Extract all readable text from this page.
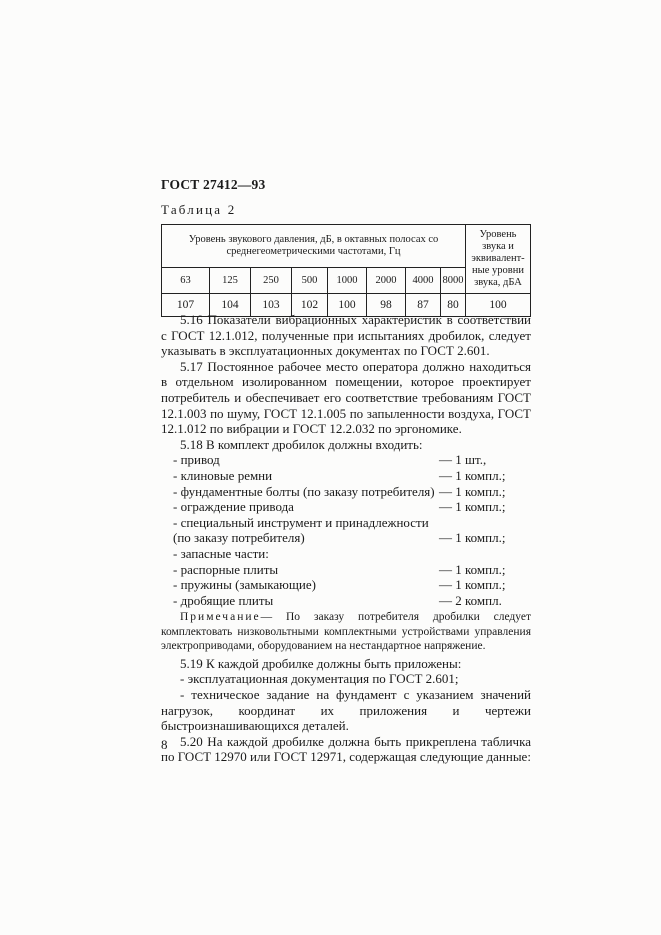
ГОСТ 27412—93
Таблица 2
Уровень звукового давления, дБ, в октавных полосах со среднегеометрическими частотами, Гц								Уровень звука и эквивалент-ные уровни звука, дБА
63	125	250	500	1000	2000	4000	8000	
107	104	103	102	100	98	87	80	100

5.16 Показатели вибрационных характеристик в соответствии с ГОСТ 12.1.012, полученные при испытаниях дробилок, следует указывать в эксплуатационных документах по ГОСТ 2.601.

5.17 Постоянное рабочее место оператора должно находиться в отдельном изолированном помещении, которое проектирует потребитель и обеспечивает его соответствие требованиям ГОСТ 12.1.003 по шуму, ГОСТ 12.1.005 по запыленности воздуха, ГОСТ 12.1.012 по вибрации и ГОСТ 12.2.032 по эргономике.

5.18 В комплект дробилок должны входить:

- привод	— 1 шт.,
- клиновые ремни	— 1 компл.;
- фундаментные болты (по заказу потребителя) — 1 компл.;
- ограждение привода	— 1 компл.;
- специальный инструмент и принадлежности
(по заказу потребителя)	— 1 компл.;
- запасные части:
- распорные плиты	— 1 компл.;
- пружины (замыкающие)	— 1 компл.;
- дробящие плиты	— 2 компл.

Примечание— По заказу потребителя дробилки следует комплектовать низковольтными комплектными устройствами управления электроприводами, оборудованием на нестандартное напряжение.

5.19 К каждой дробилке должны быть приложены:

- эксплуатационная документация по ГОСТ 2.601;

- техническое задание на фундамент с указанием значений нагрузок, координат их приложения и чертежи быстроизнашивающихся деталей.

5.20 На каждой дробилке должна быть прикреплена табличка по ГОСТ 12970 или ГОСТ 12971, содержащая следующие данные:

8
